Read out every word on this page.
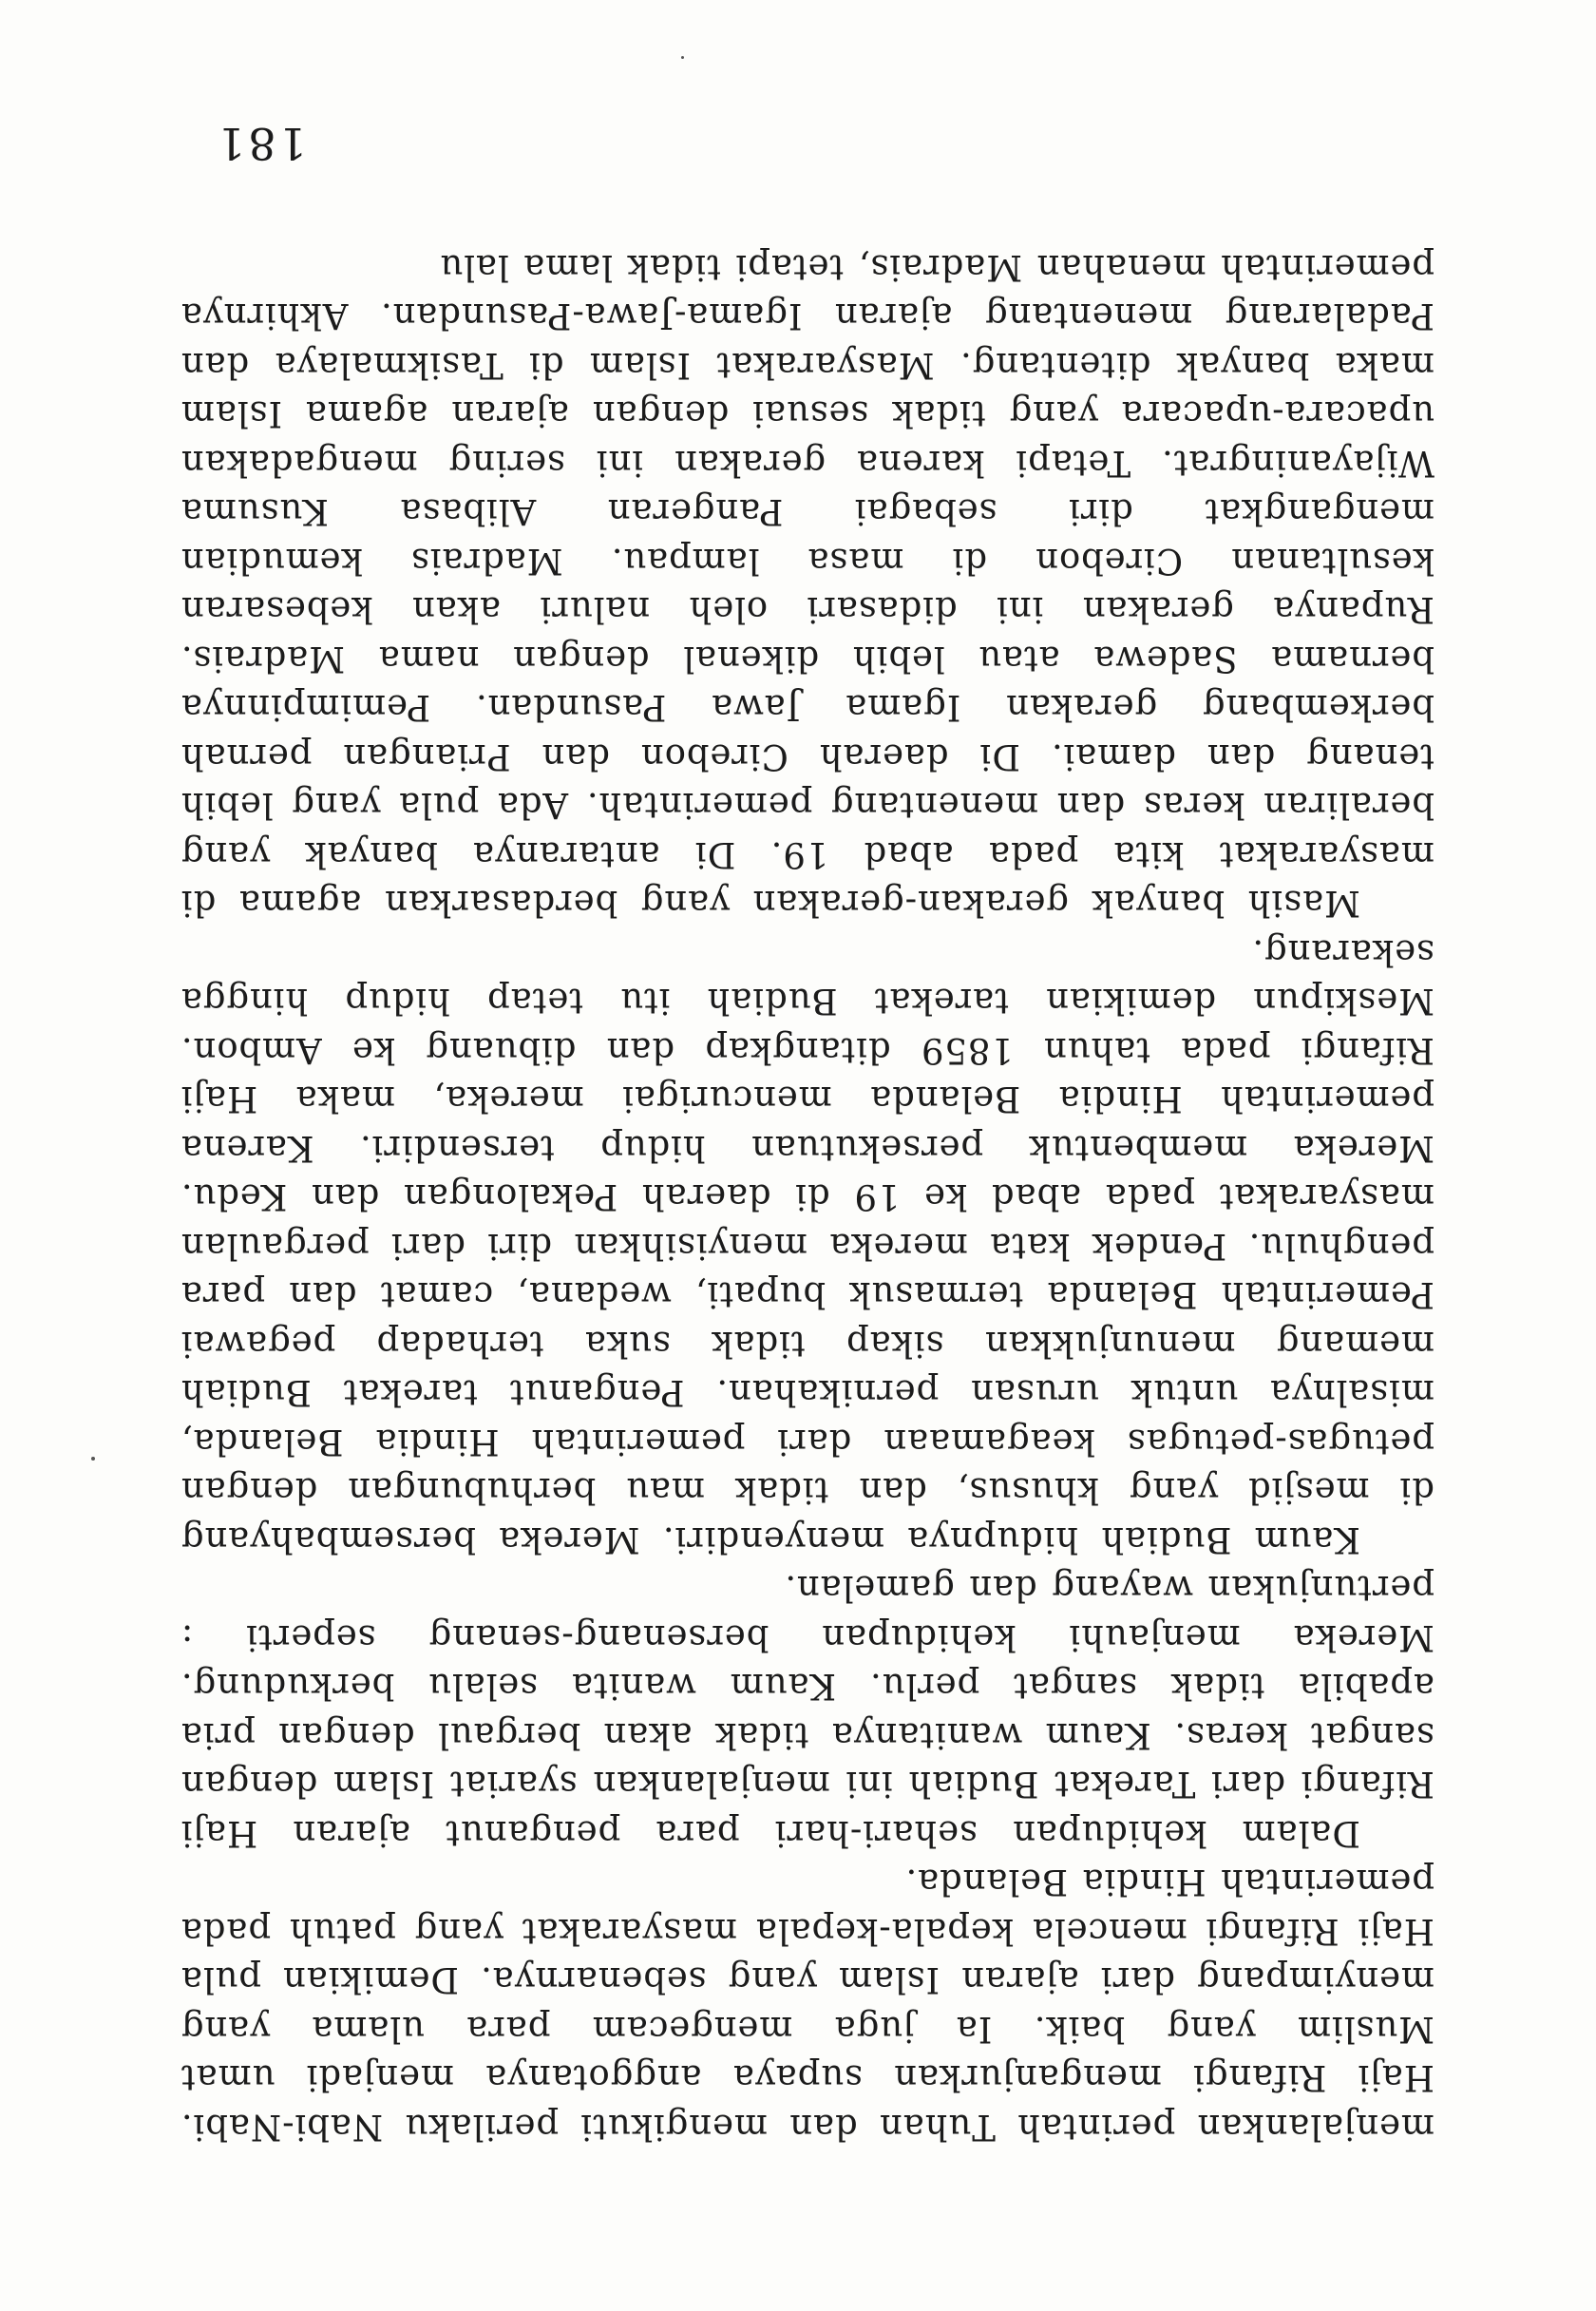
menjalankan perintah Tuhan dan mengikuti perilaku Nabi-Nabi. Haji Rifangi menganjurkan supaya anggotanya menjadi umat Muslim yang baik. Ia juga mengecam para ulama yang menyimpang dari ajaran Islam yang sebenarnya. Demikian pula Haji Rifangi mencela kepala-kepala masyarakat yang patuh pada pemerintah Hindia Belanda.

Dalam kehidupan sehari-hari para penganut ajaran Haji Rifangi dari Tarekat Budiah ini menjalankan syariat Islam dengan sangat keras. Kaum wanitanya tidak akan bergaul dengan pria apabila tidak sangat perlu. Kaum wanita selalu berkudung. Mereka menjauhi kehidupan bersenang-senang seperti : pertunjukan wayang dan gamelan.

Kaum Budiah hidupnya menyendiri. Mereka bersembahyang di mesjid yang khusus, dan tidak mau berhubungan dengan petugas-petugas keagamaan dari pemerintah Hindia Belanda, misalnya untuk urusan pernikahan. Penganut tarekat Budiah memang menunjukkan sikap tidak suka terhadap pegawai Pemerintah Belanda termasuk bupati, wedana, camat dan para penghulu. Pendek kata mereka menyisihkan diri dari pergaulan masyarakat pada abad ke 19 di daerah Pekalongan dan Kedu. Mereka membentuk persekutuan hidup tersendiri. Karena pemerintah Hindia Belanda mencurigai mereka, maka Haji Rifangi pada tahun 1859 ditangkap dan dibuang ke Ambon. Meskipun demikian tarekat Budiah itu tetap hidup hingga sekarang.

Masih banyak gerakan-gerakan yang berdasarkan agama di masyarakat kita pada abad 19. Di antaranya banyak yang beraliran keras dan menentang pemerintah. Ada pula yang lebih tenang dan damai. Di daerah Cirebon dan Priangan pernah berkembang gerakan Igama Jawa Pasundan. Pemimpinnya bernama Sadewa atau lebih dikenal dengan nama Madrais. Rupanya gerakan ini didasari oleh naluri akan kebesaran kesultanan Cirebon di masa lampau. Madrais kemudian mengangkat diri sebagai Pangeran Alibasa Kusuma Wijayaningrat. Tetapi karena gerakan ini sering mengadakan upacara-upacara yang tidak sesuai dengan ajaran agama Islam maka banyak ditentang. Masyarakat Islam di Tasikmalaya dan Padalarang menentang ajaran Igama-Jawa-Pasundan. Akhirnya pemerintah menahan Madrais, tetapi tidak lama lalu

181
